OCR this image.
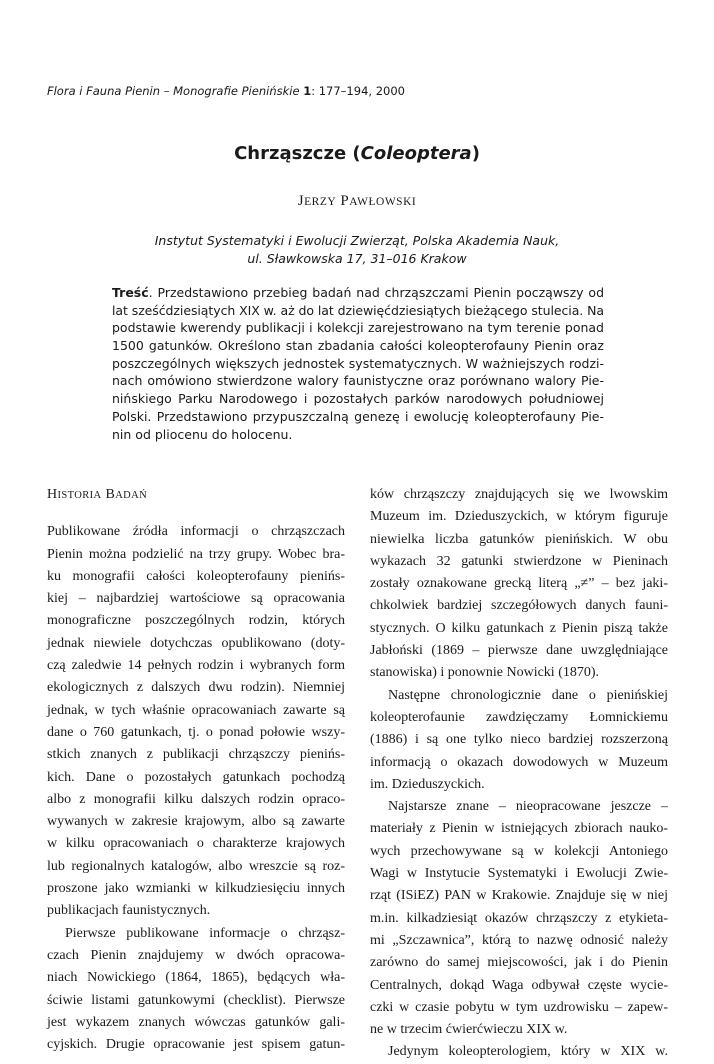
Flora i Fauna Pienin – Monografie Pienińskie 1: 177–194, 2000
Chrząszcze (Coleoptera)
JERZY PAWŁOWSKI
Instytut Systematyki i Ewolucji Zwierząt, Polska Akademia Nauk,
ul. Sławkowska 17, 31–016 Krakow
Treść. Przedstawiono przebieg badań nad chrząszczami Pienin począwszy od
lat sześćdziesiątych XIX w. aż do lat dziewięćdziesiątych bieżącego stulecia. Na
podstawie kwerendy publikacji i kolekcji zarejestrowano na tym terenie ponad
1500 gatunków. Określono stan zbadania całości koleopterofauny Pienin oraz
poszczególnych większych jednostek systematycznych. W ważniejszych rodzi-
nach omówiono stwierdzone walory faunistyczne oraz porównano walory Pie-
nińskiego Parku Narodowego i pozostałych parków narodowych południowej
Polski. Przedstawiono przypuszczalną genezę i ewolucję koleopterofauny Pie-
nin od pliocenu do holocenu.
HISTORIA BADAŃ
Publikowane źródła informacji o chrząszczach
Pienin można podzielić na trzy grupy. Wobec bra-
ku monografii całości koleopterofauny pienińs-
kiej – najbardziej wartościowe są opracowania
monograficzne poszczególnych rodzin, których
jednak niewiele dotychczas opublikowano (doty-
czą zaledwie 14 pełnych rodzin i wybranych form
ekologicznych z dalszych dwu rodzin). Niemniej
jednak, w tych właśnie opracowaniach zawarte są
dane o 760 gatunkach, tj. o ponad połowie wszy-
stkich znanych z publikacji chrząszczy pienińs-
kich. Dane o pozostałych gatunkach pochodzą
albo z monografii kilku dalszych rodzin opraco-
wywanych w zakresie krajowym, albo są zawarte
w kilku opracowaniach o charakterze krajowych
lub regionalnych katalogów, albo wreszcie są roz-
proszone jako wzmianki w kilkudziesięciu innych
publikacjach faunistycznych.
Pierwsze publikowane informacje o chrząsz-
czach Pienin znajdujemy w dwóch opracowa-
niach Nowickiego (1864, 1865), będących wła-
ściwie listami gatunkowymi (checklist). Pierwsze
jest wykazem znanych wówczas gatunków gali-
cyjskich. Drugie opracowanie jest spisem gatun-
ków chrząszczy znajdujących się we lwowskim
Muzeum im. Dzieduszyckich, w którym figuruje
niewielka liczba gatunków pienińskich. W obu
wykazach 32 gatunki stwierdzone w Pieninach
zostały oznakowane grecką literą „≠” – bez jaki-
chkolwiek bardziej szczegółowych danych fauni-
stycznych. O kilku gatunkach z Pienin piszą także
Jabłoński (1869 – pierwsze dane uwzględniające
stanowiska) i ponownie Nowicki (1870).
Następne chronologicznie dane o pienińskiej
koleopterofaunie zawdzięczamy Łomnickiemu
(1886) i są one tylko nieco bardziej rozszerzoną
informacją o okazach dowodowych w Muzeum
im. Dzieduszyckich.
Najstarsze znane – nieopracowane jeszcze –
materiały z Pienin w istniejących zbiorach nauko-
wych przechowywane są w kolekcji Antoniego
Wagi w Instytucie Systematyki i Ewolucji Zwie-
rząt (ISiEZ) PAN w Krakowie. Znajduje się w niej
m.in. kilkadziesiąt okazów chrząszczy z etykieta-
mi „Szczawnica”, którą to nazwę odnosić należy
zarówno do samej miejscowości, jak i do Pienin
Centralnych, dokąd Waga odbywał częste wycie-
czki w czasie pobytu w tym uzdrowisku – zapew-
ne w trzecim ćwierćwieczu XIX w.
Jedynym koleopterologiem, który w XIX w.
